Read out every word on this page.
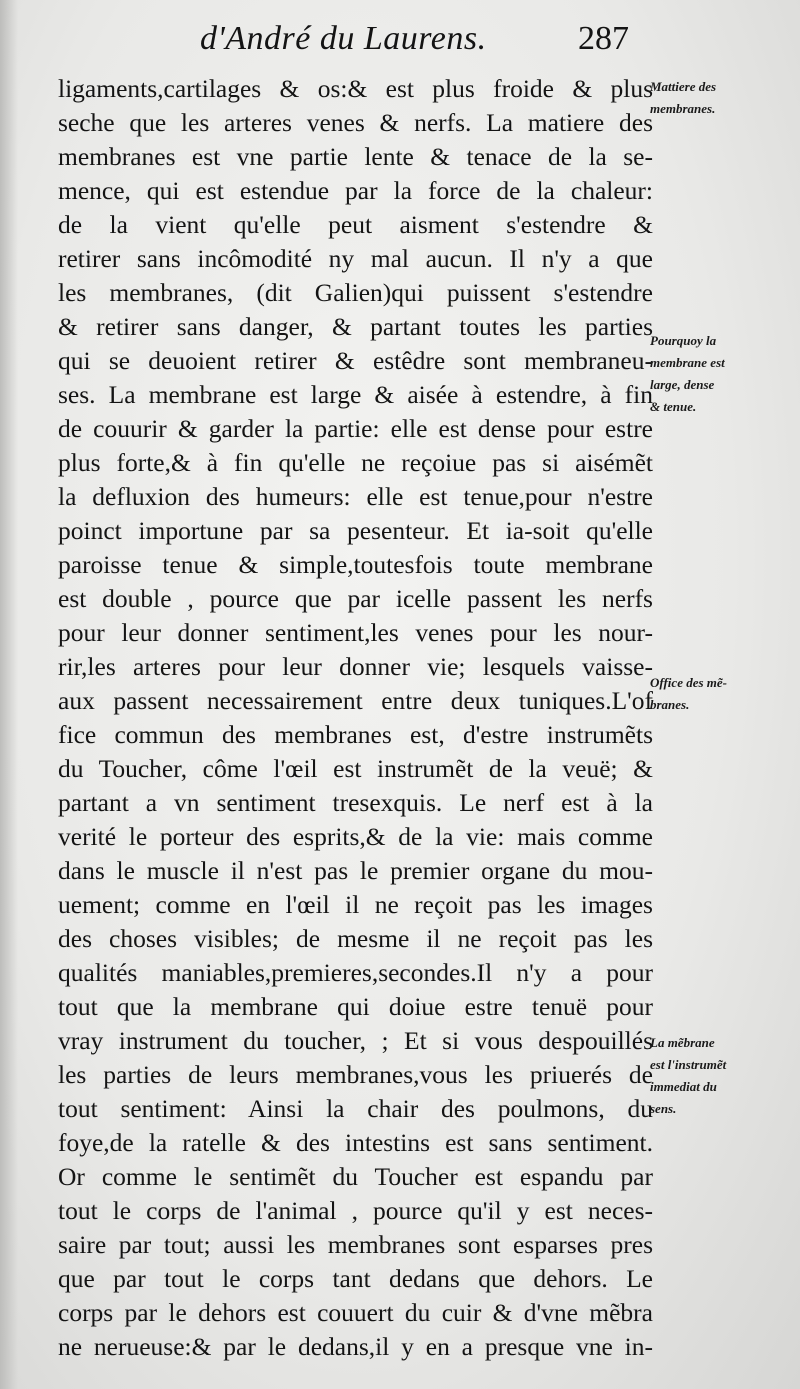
d'André du Laurens.	287
ligaments,cartilages & os:& est plus froide & plus
seche que les arteres venes & nerfs. La matiere des
membranes est vne partie lente & tenace de la se-
mence, qui est estendue par la force de la chaleur:
de la vient qu'elle peut aisment s'estendre &
retirer sans incômodité ny mal aucun. Il n'y a que
les membranes, (dit Galien)qui puissent s'estendre
& retirer sans danger, & partant toutes les parties
qui se deuoient retirer & estêdre sont membraneu-
ses. La membrane est large & aisée à estendre, à fin
de couurir & garder la partie: elle est dense pour estre
plus forte,& à fin qu'elle ne reçoiue pas si aisémẽt
la defluxion des humeurs: elle est tenue,pour n'estre
poinct importune par sa pesenteur. Et ia-soit qu'elle
paroisse tenue & simple,toutesfois toute membrane
est double , pource que par icelle passent les nerfs
pour leur donner sentiment,les venes pour les nour-
rir,les arteres pour leur donner vie; lesquels vaisse-
aux passent necessairement entre deux tuniques.L'of
fice commun des membranes est, d'estre instrumẽts
du Toucher, côme l'œil est instrumẽt de la veuë; &
partant a vn sentiment tresexquis. Le nerf est à la
verité le porteur des esprits,& de la vie: mais comme
dans le muscle il n'est pas le premier organe du mou-
uement; comme en l'œil il ne reçoit pas les images
des choses visibles; de mesme il ne reçoit pas les
qualités maniables,premieres,secondes.Il n'y a pour
tout que la membrane qui doiue estre tenuë pour
vray instrument du toucher, ; Et si vous despouillés
les parties de leurs membranes,vous les priuerés de
tout sentiment: Ainsi la chair des poulmons, du
foye,de la ratelle & des intestins est sans sentiment.
Or comme le sentimẽt du Toucher est espandu par
tout le corps de l'animal , pource qu'il y est neces-
saire par tout; aussi les membranes sont esparses pres
que par tout le corps tant dedans que dehors. Le
corps par le dehors est couuert du cuir & d'vne mẽbra
ne nerueuse:& par le dedans,il y en a presque vne in-
Mattiere des
membranes.
Pourquoy la
membrane est
large, dense
& tenue.
Office des mẽ-
branes.
La mẽbrane
est l'instrumẽt
immediat du
sens.
